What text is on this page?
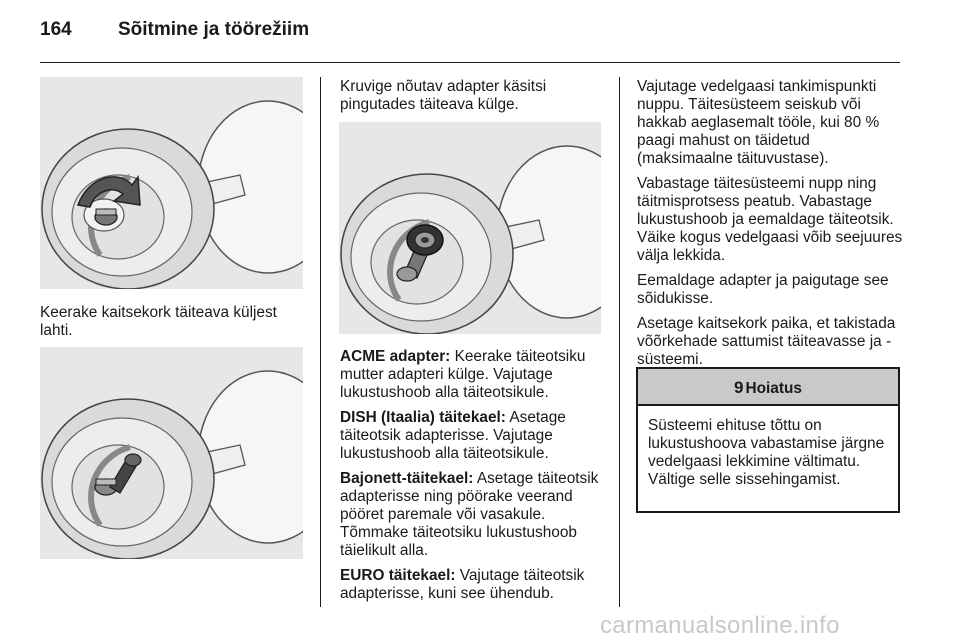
164 Sõitmine ja töörežiim

Keerake kaitsekork täiteava küljest lahti.

Kruvige nõutav adapter käsitsi pingutades täiteava külge.

ACME adapter: Keerake täiteotsiku mutter adapteri külge. Vajutage lukustushoob alla täiteotsikule.

DISH (Itaalia) täitekael: Asetage täiteotsik adapterisse. Vajutage lukustushoob alla täiteotsikule.

Bajonett-täitekael: Asetage täiteotsik adapterisse ning pöörake veerand pööret paremale või vasakule. Tõmmake täiteotsiku lukustushoob täielikult alla.

EURO täitekael: Vajutage täiteotsik adapterisse, kuni see ühendub.

Vajutage vedelgaasi tankimispunkti nuppu. Täitesüsteem seiskub või hakkab aeglasemalt tööle, kui 80 % paagi mahust on täidetud (maksimaalne täituvustase).

Vabastage täitesüsteemi nupp ning täitmisprotsess peatub. Vabastage lukustushoob ja eemaldage täiteotsik. Väike kogus vedelgaasi võib seejuures välja lekkida.

Eemaldage adapter ja paigutage see sõidukisse.

Asetage kaitsekork paika, et takistada võõrkehade sattumist täiteavasse ja -süsteemi.

9 Hoiatus
Süsteemi ehituse tõttu on lukustushoova vabastamise järgne vedelgaasi lekkimine vältimatu. Vältige selle sissehingamist.
carmanualsonline.info
